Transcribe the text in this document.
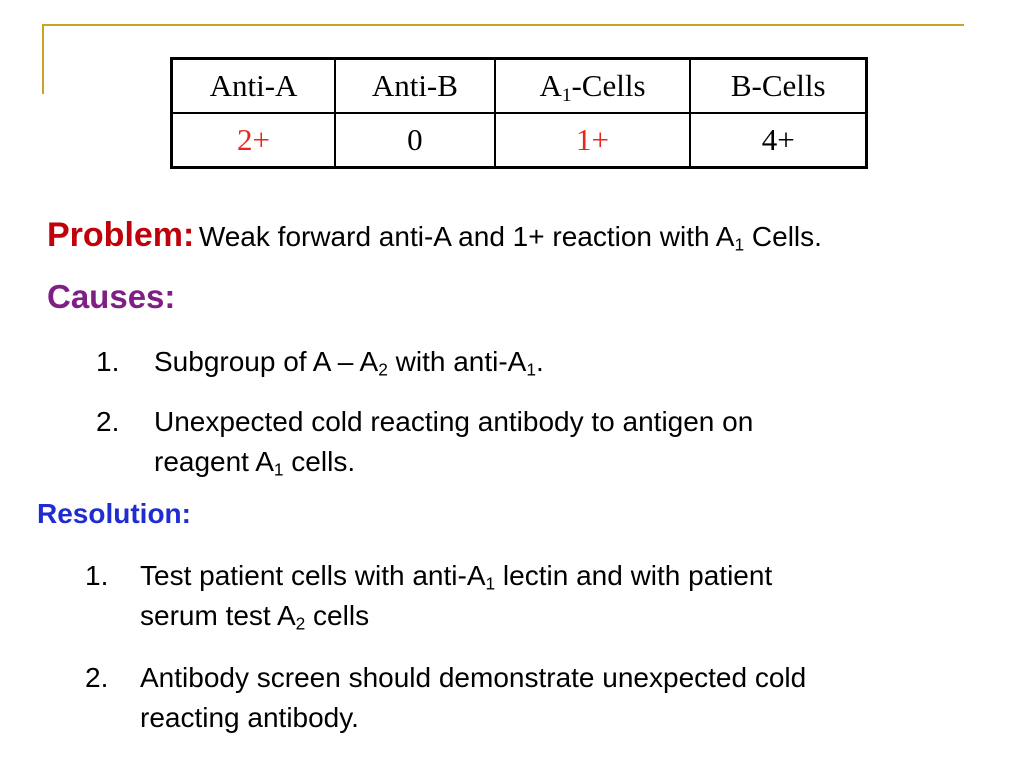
Anti-A	Anti-B	$A_1$-Cells	B-Cells
2+	0	1+	4+
Problem: Weak forward anti-A and 1+ reaction with $A_1$ Cells.
Causes:
1. Subgroup of A – $A_2$ with anti-$A_1$.
2. Unexpected cold reacting antibody to antigen on
reagent $A_1$ cells.
Resolution:
1. Test patient cells with anti-$A_1$ lectin and with patient
serum test $A_2$ cells
2. Antibody screen should demonstrate unexpected cold
reacting antibody.
